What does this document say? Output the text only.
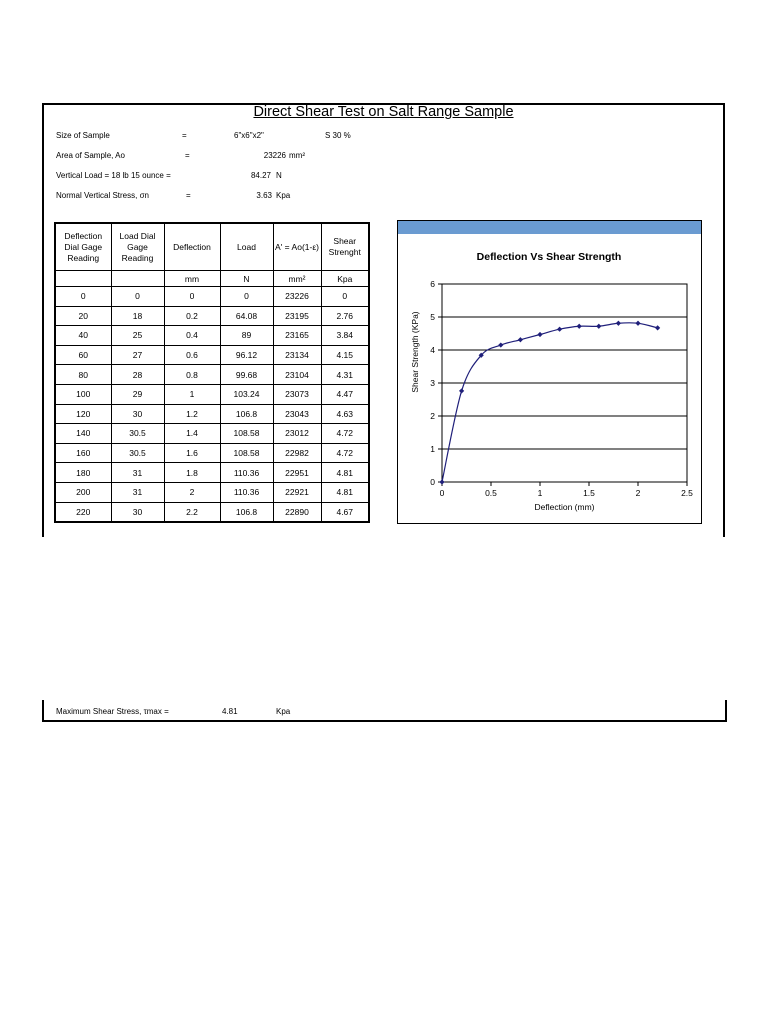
Direct Shear Test on Salt Range Sample
Size of Sample	=	6"x6"x2"	S 30 %
Area of Sample, Ao	=	23226 mm²
Vertical Load = 18 lb 15 ounce =	84.27 N
Normal Vertical Stress, σn	=	3.63 Kpa
Deflection Dial Gage Reading	Load Dial Gage Reading	Deflection	Load	A' = Ao(1-ε)	Shear Strenght
		mm	N	mm²	Kpa
0	0	0	0	23226	0
20	18	0.2	64.08	23195	2.76
40	25	0.4	89	23165	3.84
60	27	0.6	96.12	23134	4.15
80	28	0.8	99.68	23104	4.31
100	29	1	103.24	23073	4.47
120	30	1.2	106.8	23043	4.63
140	30.5	1.4	108.58	23012	4.72
160	30.5	1.6	108.58	22982	4.72
180	31	1.8	110.36	22951	4.81
200	31	2	110.36	22921	4.81
220	30	2.2	106.8	22890	4.67
0
1
2
3
4
5
6
0	0.5	1	1.5	2	2.5
Deflection Vs Shear Strength
Deflection (mm)
Shear Strength (KPa)
Maximum Shear Stress, τmax =	4.81	Kpa
